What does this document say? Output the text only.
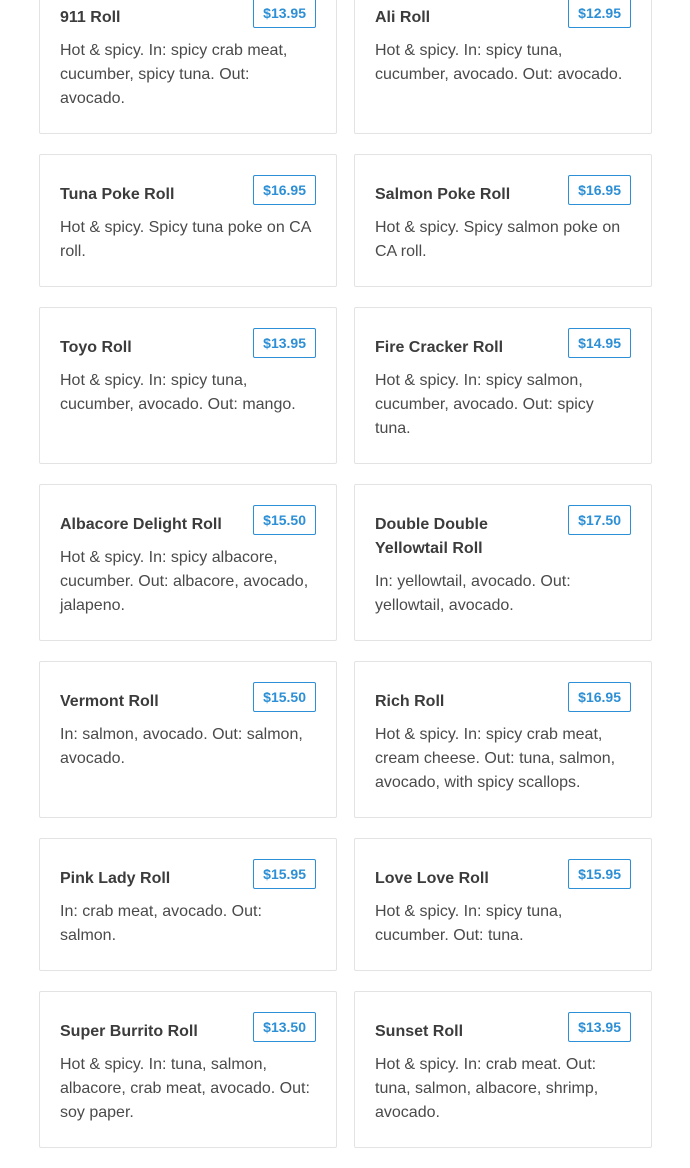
911 Roll	$13.95
Hot & spicy. In: spicy crab meat, cucumber, spicy tuna. Out: avocado.
Ali Roll	$12.95
Hot & spicy. In: spicy tuna, cucumber, avocado. Out: avocado.
Tuna Poke Roll	$16.95
Hot & spicy. Spicy tuna poke on CA roll.
Salmon Poke Roll	$16.95
Hot & spicy. Spicy salmon poke on CA roll.
Toyo Roll	$13.95
Hot & spicy. In: spicy tuna, cucumber, avocado. Out: mango.
Fire Cracker Roll	$14.95
Hot & spicy. In: spicy salmon, cucumber, avocado. Out: spicy tuna.
Albacore Delight Roll	$15.50
Hot & spicy. In: spicy albacore, cucumber. Out: albacore, avocado, jalapeno.
Double Double Yellowtail Roll
$17.50
In: yellowtail, avocado. Out: yellowtail, avocado.
Vermont Roll	$15.50
In: salmon, avocado. Out: salmon, avocado.
Rich Roll	$16.95
Hot & spicy. In: spicy crab meat, cream cheese. Out: tuna, salmon, avocado, with spicy scallops.
Pink Lady Roll	$15.95
In: crab meat, avocado. Out: salmon.
Love Love Roll	$15.95
Hot & spicy. In: spicy tuna, cucumber. Out: tuna.
Super Burrito Roll	$13.50
Hot & spicy. In: tuna, salmon, albacore, crab meat, avocado. Out: soy paper.
Sunset Roll	$13.95
Hot & spicy. In: crab meat. Out: tuna, salmon, albacore, shrimp, avocado.
